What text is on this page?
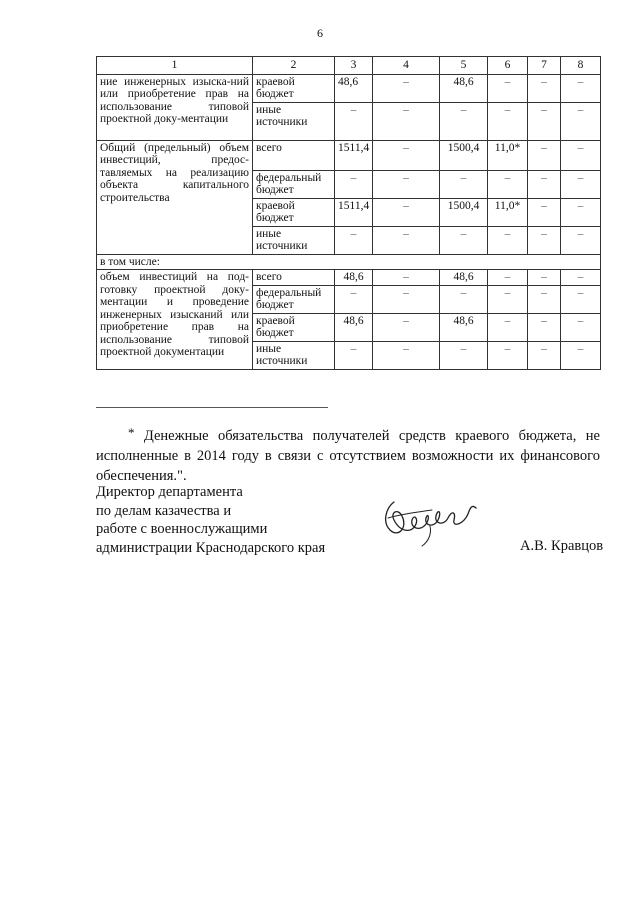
6
1	2	3	4	5	6	7	8
ние инженерных изыска-ний или приобретение прав на использование типовой проектной доку-ментации	краевой бюджет	48,6	–	48,6	–	–	–
	иные источники	–	–	–	–	–	–
Общий (предельный) объем инвестиций, предос-тавляемых на реализацию объекта капитального строительства	всего	1511,4	–	1500,4	11,0*	–	–
	федеральный бюджет	–	–	–	–	–	–
	краевой бюджет	1511,4	–	1500,4	11,0*	–	–
	иные источники	–	–	–	–	–	–
в том числе:							
объем инвестиций на под-готовку проектной доку-ментации и проведение инженерных изысканий или приобретение прав на использование типовой проектной документации	всего	48,6	–	48,6	–	–	–
	федеральный бюджет	–	–	–	–	–	–
	краевой бюджет	48,6	–	48,6	–	–	–
	иные источники	–	–	–	–	–	–
* Денежные обязательства получателей средств краевого бюджета, не исполненные в 2014 году в связи с отсутствием возможности их финансового обеспечения.".
Директор департамента
по делам казачества и
работе с военнослужащими
администрации Краснодарского края	А.В. Кравцов
